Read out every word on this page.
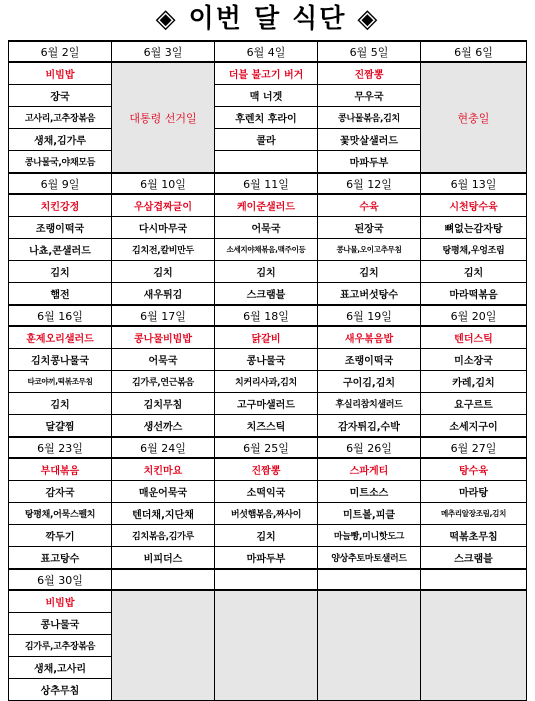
◈ 이번 달 식단 ◈
6월 2일	6월 3일	6월 4일	6월 5일	6월 6일
비빔밥	대통령 선거일	더블 불고기 버거	진짬뽕	현충일
장국		맥 너겟	무우국	
고사리,고추장볶음		후렌치 후라이	콩나물볶음,김치	
생채,김가루		콜라	꽃맛살샐러드	
콩나물국,야채모듬			마파두부	
6월 9일	6월 10일	6월 11일	6월 12일	6월 13일
치킨강정	우삼겹짜글이	케이준샐러드	수육	시천탕수육
조랭이떡국	다시마무국	어묵국	된장국	뼈없는감자탕
나쵸,콘샐러드	김치전,칼비만두	소세지야채볶음,맥주이등	콩나물,오이고추무침	탕평채,우엉조림
김치	김치	김치	김치	김치
햄전	새우튀김	스크램블	표고버섯탕수	마라떡볶음
6월 16일	6월 17일	6월 18일	6월 19일	6월 20일
훈제오리샐러드	콩나물비빔밥	닭갈비	새우볶음밥	텐더스틱
김치콩나물국	어묵국	콩나물국	조랭이떡국	미소장국
타코야끼,떡볶조무침	김가루,연근볶음	치커리사과,김치	구이김,김치	카레,김치
김치	김치무침	고구마샐러드	후실리참치샐러드	요구르트
달걀찜	생선까스	치즈스틱	감자튀김,수박	소세지구이
6월 23일	6월 24일	6월 25일	6월 26일	6월 27일
부대볶음	치킨마요	진짬뽕	스파게티	탕수육
감자국	매운어묵국	소떡익국	미트소스	마라탕
탕평채,어묵스펠치	텐더채,지단채	버섯햄볶음,짜사이	미트볼,피클	메추리알장조림,김치
깍두기	김치볶음,김가루	김치	마늘빵,미니핫도그	떡볶초무침
표고탕수	비피더스	마파두부	양상추토마토샐러드	스크램블
6월 30일				
비빔밥				
콩나물국				
김가루,고추장볶음				
생채,고사리				
상추무침				
